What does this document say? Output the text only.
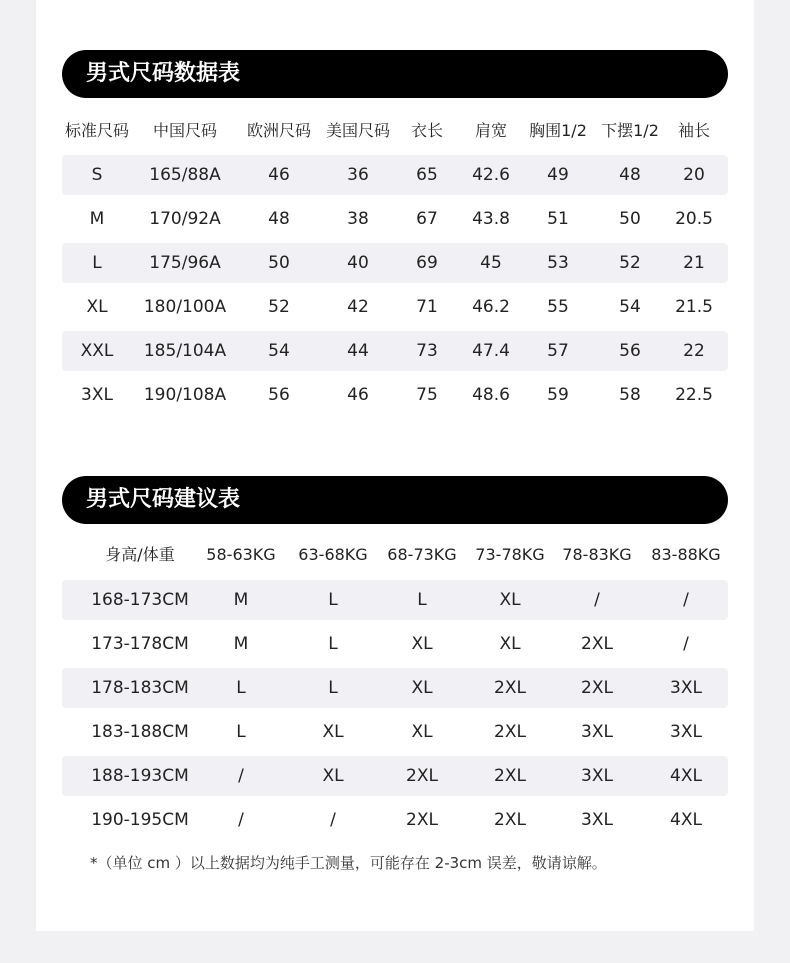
男式尺码数据表
标准尺码 中国尺码 欧洲尺码 美国尺码 衣长 肩宽 胸围1/2 下摆1/2 袖长
S	165/88A	46	36	65 42.6 49	48 20
M	170/92A	48	38	67 43.8 51	50 20.5
L	175/96A	50	40	69 45	53	52 21
XL 180/100A 52	42	71 46.2 55	54 21.5
XXL 185/104A 54	44	73 47.4 57	56 22
3XL 190/108A 56	46	75 48.6 59	58 22.5
男式尺码建议表
身高/体重 58-63KG 63-68KG 68-73KG 73-78KG 78-83KG 83-88KG
168-173CM	M	L	L	XL	/	/
173-178CM	M	L	XL	XL	2XL	/
178-183CM	L	L	XL	2XL	2XL	3XL
183-188CM	L	XL	XL	2XL	3XL	3XL
188-193CM	/	XL	2XL	2XL	3XL	4XL
190-195CM	/	/	2XL	2XL	3XL	4XL
*（单位 cm ）以上数据均为纯手工测量，可能存在 2-3cm 误差，敬请谅解。
